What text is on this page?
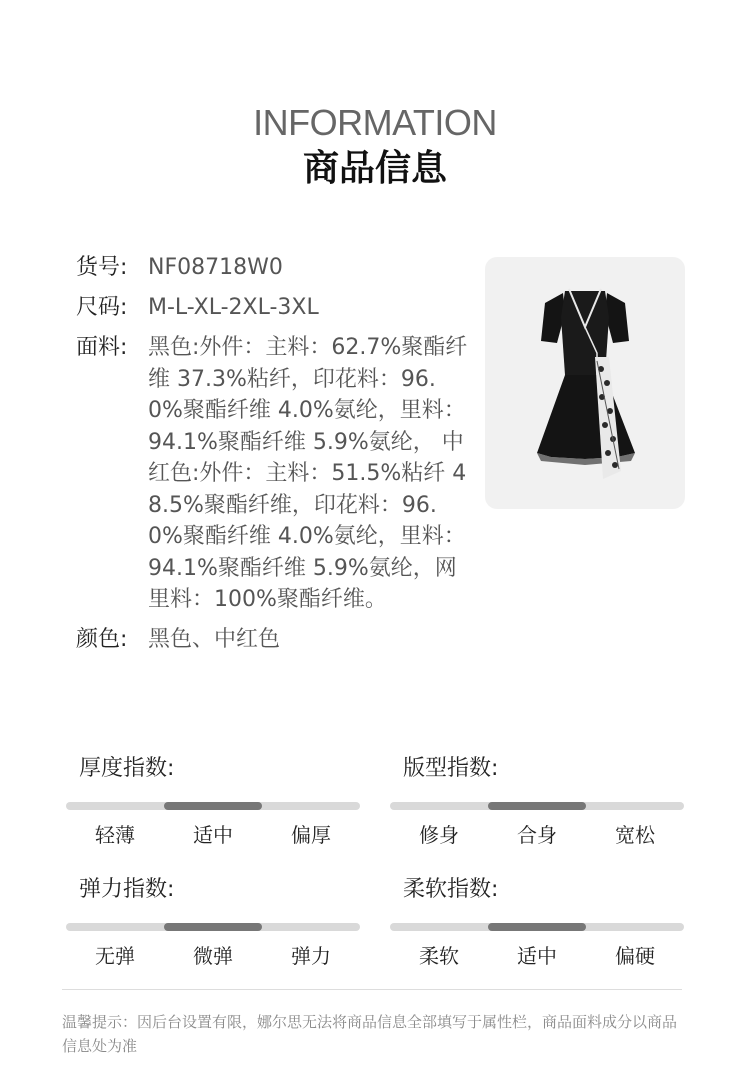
INFORMATION
商品信息
货号: NF08718W0
尺码: M-L-XL-2XL-3XL
面料: 黑色:外件：主料：62.7%聚酯纤维 37.3%粘纤，印花料：96.0%聚酯纤维 4.0%氨纶，里料：94.1%聚酯纤维 5.9%氨纶， 中红色:外件：主料：51.5%粘纤 48.5%聚酯纤维，印花料：96.0%聚酯纤维 4.0%氨纶，里料：94.1%聚酯纤维 5.9%氨纶，网里料：100%聚酯纤维。
颜色: 黑色、中红色
厚度指数:
轻薄	适中	偏厚
版型指数:
修身	合身	宽松
弹力指数:
无弹	微弹	弹力
柔软指数:
柔软	适中	偏硬
温馨提示：因后台设置有限，娜尔思无法将商品信息全部填写于属性栏，商品面料成分以商品信息处为准
